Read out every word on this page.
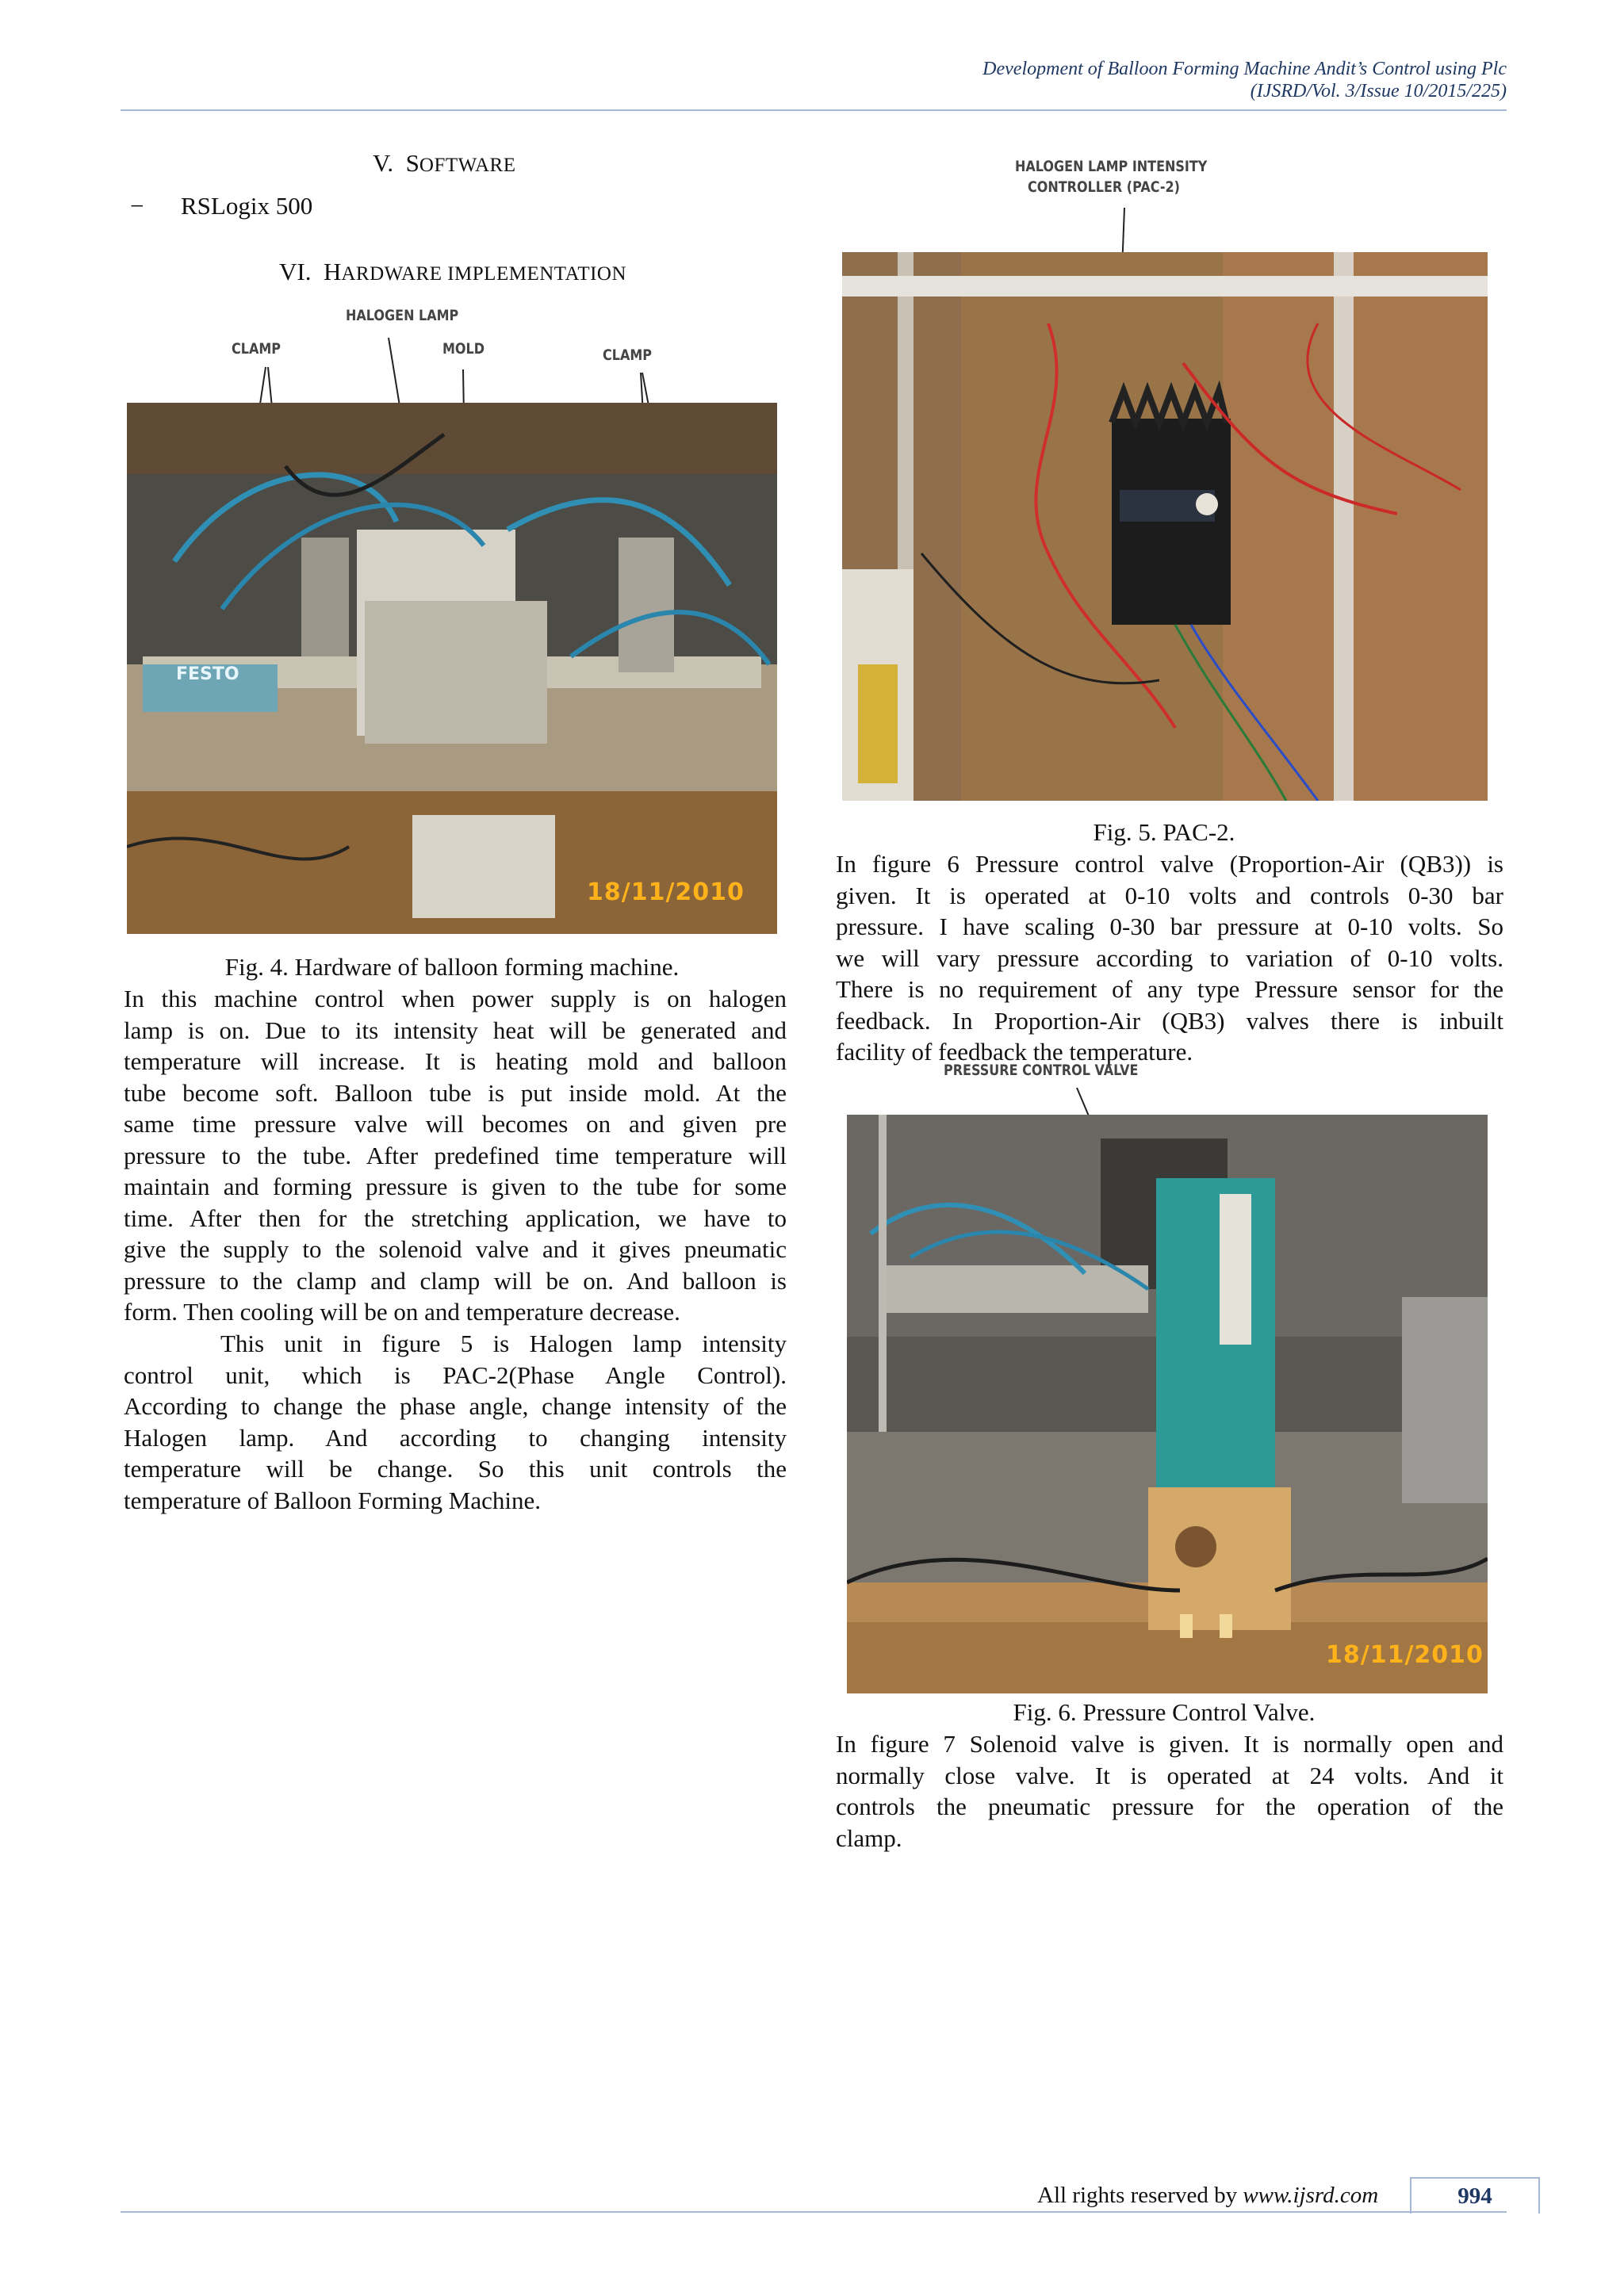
Development of Balloon Forming Machine Andit’s Control using Plc
(IJSRD/Vol. 3/Issue 10/2015/225)
V. SOFTWARE
− RSLogix 500
VI. HARDWARE IMPLEMENTATION
CLAMP
HALOGEN LAMP
MOLD	CLAMP
FESTO
18/11/2010
Fig. 4. Hardware of balloon forming machine.
In this machine control when power supply is on halogen
lamp is on. Due to its intensity heat will be generated and
temperature will increase. It is heating mold and balloon
tube become soft. Balloon tube is put inside mold. At the
same time pressure valve will becomes on and given pre
pressure to the tube. After predefined time temperature will
maintain and forming pressure is given to the tube for some
time. After then for the stretching application, we have to
give the supply to the solenoid valve and it gives pneumatic
pressure to the clamp and clamp will be on. And balloon is
form. Then cooling will be on and temperature decrease.
This unit in figure 5 is Halogen lamp intensity
control unit, which is PAC-2(Phase Angle Control).
According to change the phase angle, change intensity of the
Halogen lamp. And according to changing intensity
temperature will be change. So this unit controls the
temperature of Balloon Forming Machine.
HALOGEN LAMP INTENSITY
CONTROLLER (PAC-2)
Fig. 5. PAC-2.
In figure 6 Pressure control valve (Proportion-Air (QB3)) is
given. It is operated at 0-10 volts and controls 0-30 bar
pressure. I have scaling 0-30 bar pressure at 0-10 volts. So
we will vary pressure according to variation of 0-10 volts.
There is no requirement of any type Pressure sensor for the
feedback. In Proportion-Air (QB3) valves there is inbuilt
facility of feedback the temperature.
PRESSURE CONTROL VALVE
18/11/2010
Fig. 6. Pressure Control Valve.
In figure 7 Solenoid valve is given. It is normally open and
normally close valve. It is operated at 24 volts. And it
controls the pneumatic pressure for the operation of the
clamp.
All rights reserved by www.ijsrd.com	994
